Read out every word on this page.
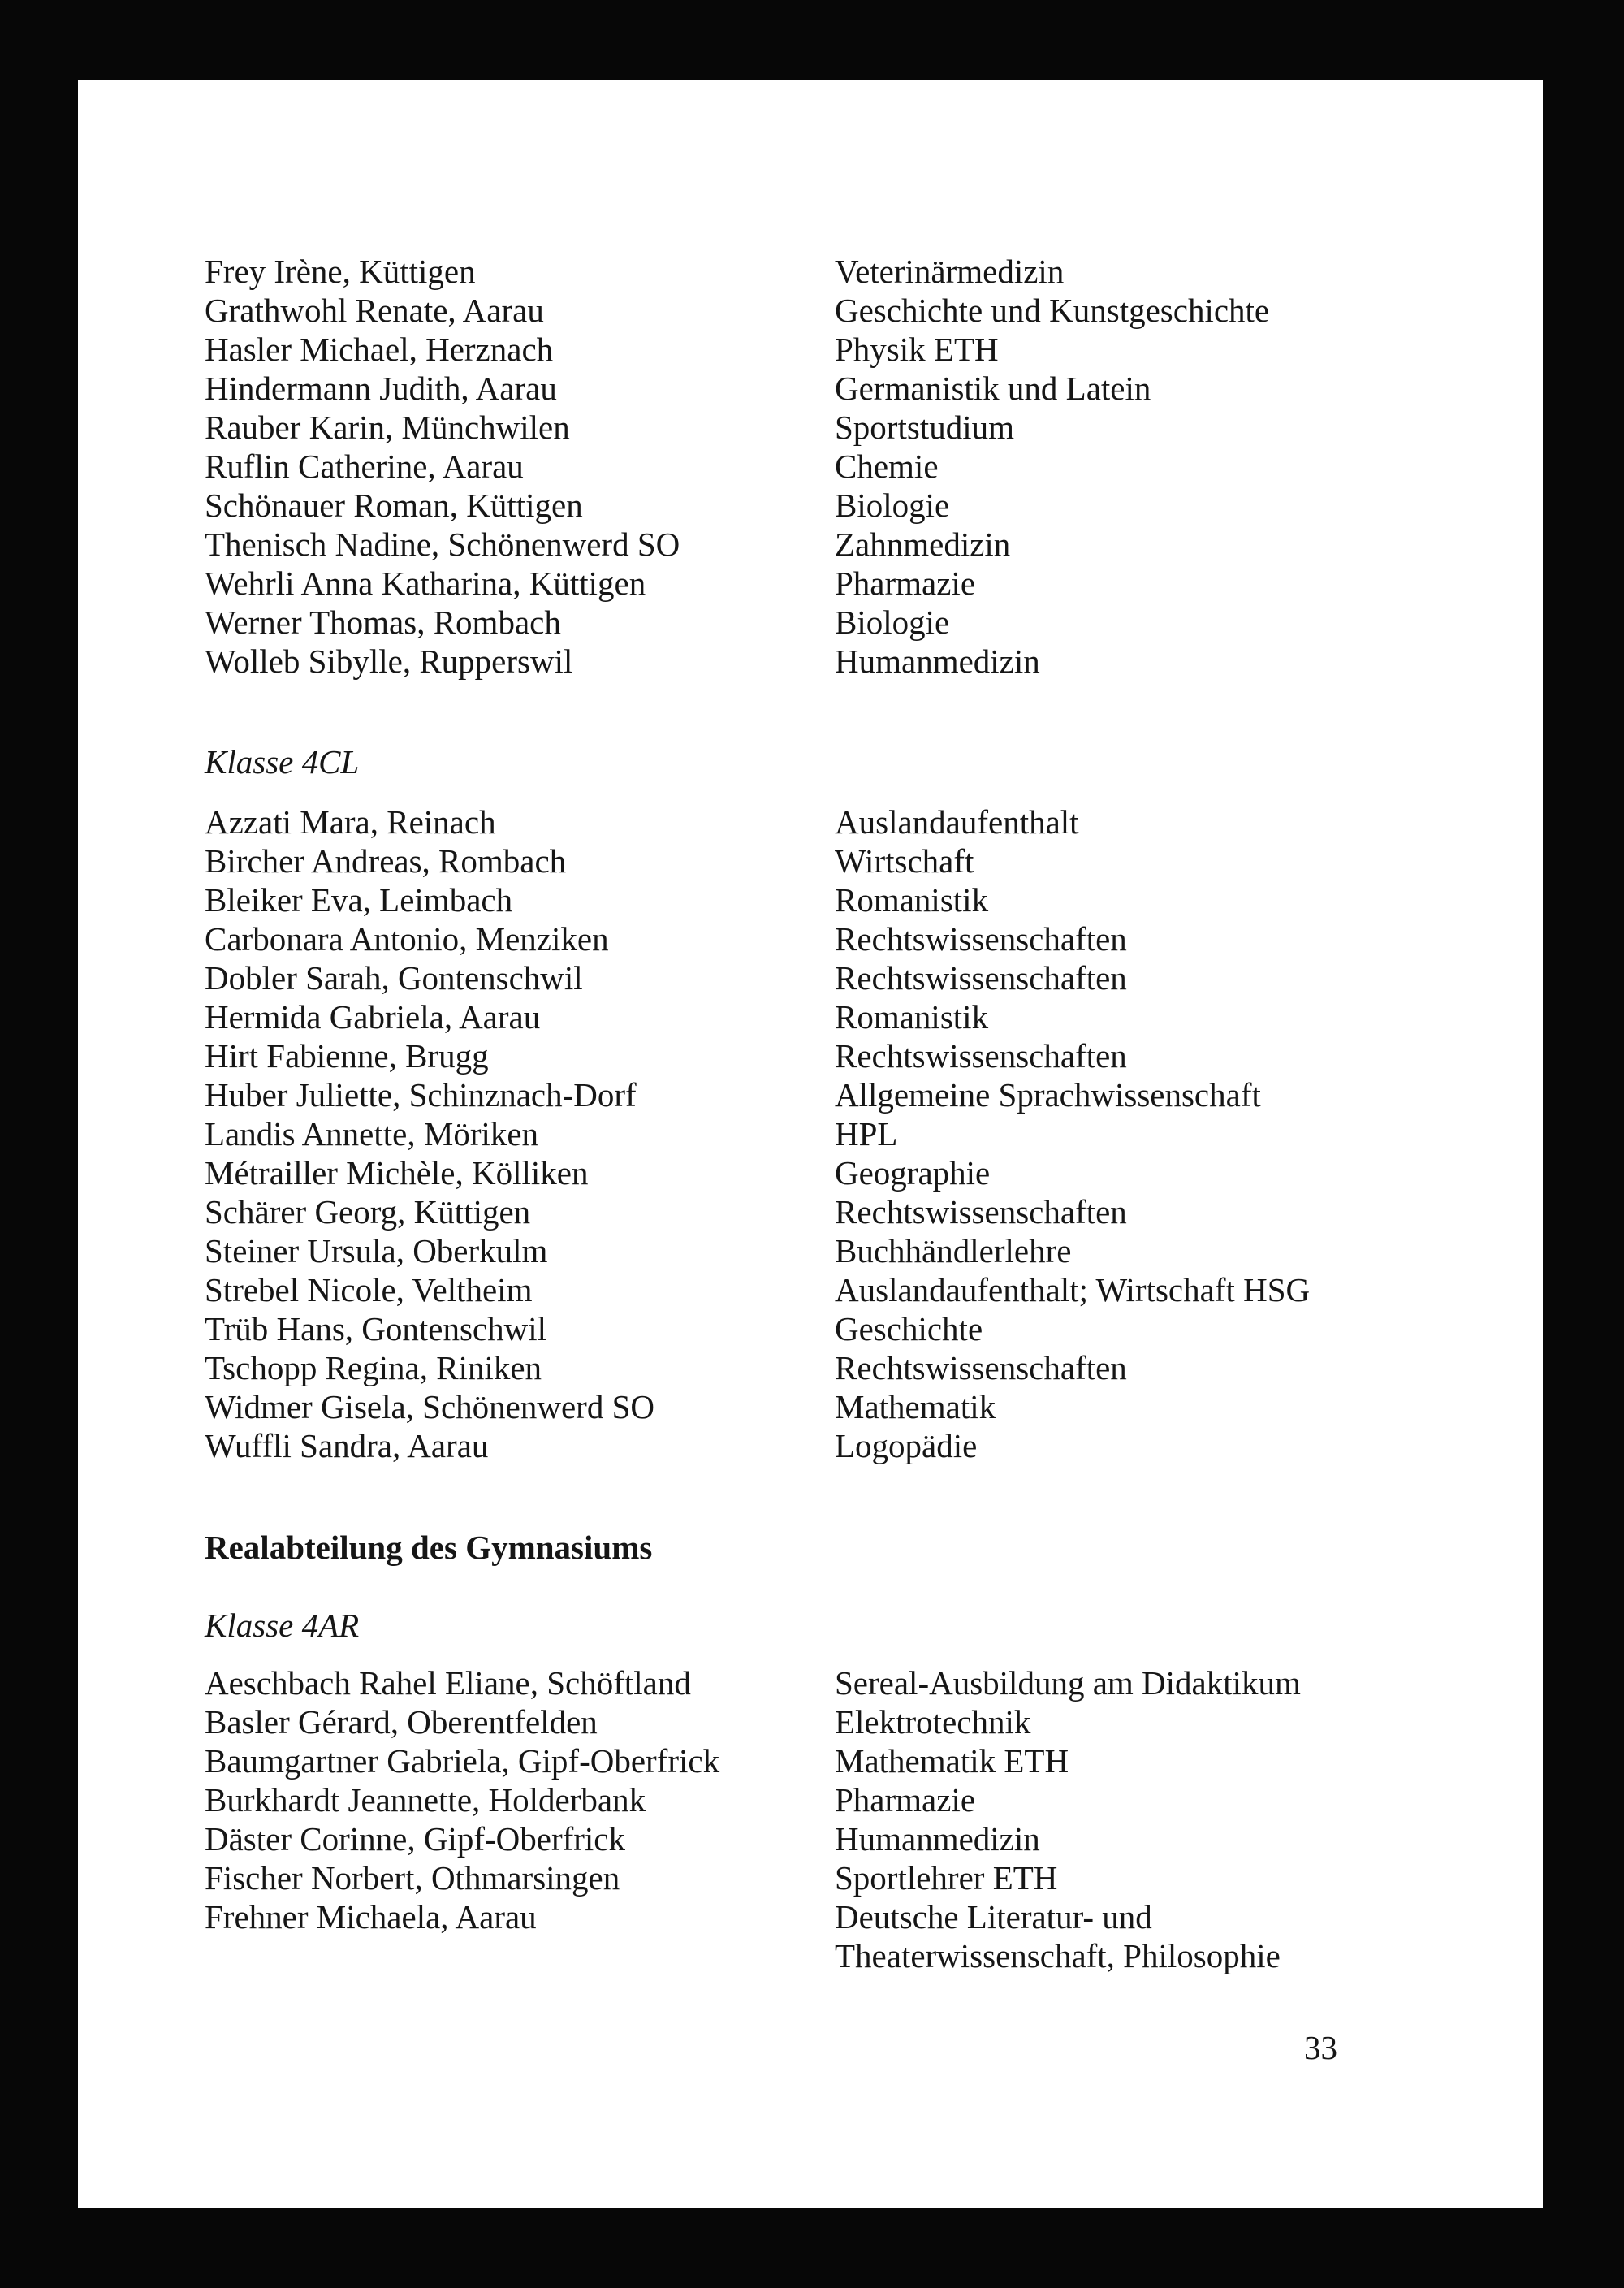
Frey Irène, Küttigen	Veterinärmedizin
Grathwohl Renate, Aarau	Geschichte und Kunstgeschichte
Hasler Michael, Herznach	Physik ETH
Hindermann Judith, Aarau	Germanistik und Latein
Rauber Karin, Münchwilen	Sportstudium
Ruflin Catherine, Aarau	Chemie
Schönauer Roman, Küttigen	Biologie
Thenisch Nadine, Schönenwerd SO	Zahnmedizin
Wehrli Anna Katharina, Küttigen	Pharmazie
Werner Thomas, Rombach	Biologie
Wolleb Sibylle, Rupperswil	Humanmedizin
Klasse 4CL
Azzati Mara, Reinach	Auslandaufenthalt
Bircher Andreas, Rombach	Wirtschaft
Bleiker Eva, Leimbach	Romanistik
Carbonara Antonio, Menziken	Rechtswissenschaften
Dobler Sarah, Gontenschwil	Rechtswissenschaften
Hermida Gabriela, Aarau	Romanistik
Hirt Fabienne, Brugg	Rechtswissenschaften
Huber Juliette, Schinznach-Dorf	Allgemeine Sprachwissenschaft
Landis Annette, Möriken	HPL
Métrailler Michèle, Kölliken	Geographie
Schärer Georg, Küttigen	Rechtswissenschaften
Steiner Ursula, Oberkulm	Buchhändlerlehre
Strebel Nicole, Veltheim	Auslandaufenthalt; Wirtschaft HSG
Trüb Hans, Gontenschwil	Geschichte
Tschopp Regina, Riniken	Rechtswissenschaften
Widmer Gisela, Schönenwerd SO	Mathematik
Wuffli Sandra, Aarau	Logopädie
Realabteilung des Gymnasiums
Klasse 4AR
Aeschbach Rahel Eliane, Schöftland	Sereal-Ausbildung am Didaktikum
Basler Gérard, Oberentfelden	Elektrotechnik
Baumgartner Gabriela, Gipf-Oberfrick	Mathematik ETH
Burkhardt Jeannette, Holderbank	Pharmazie
Däster Corinne, Gipf-Oberfrick	Humanmedizin
Fischer Norbert, Othmarsingen	Sportlehrer ETH
Frehner Michaela, Aarau	Deutsche Literatur- und
Theaterwissenschaft, Philosophie
33
